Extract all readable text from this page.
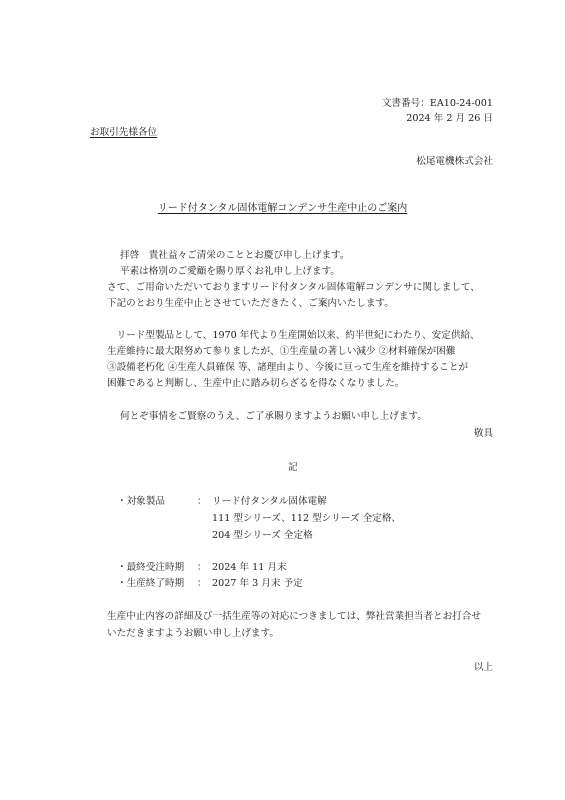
文書番号：EA10-24-001

2024 年 2 月 26 日

お取引先様各位

松尾電機株式会社

リード付タンタル固体電解コンデンサ生産中止のご案内

拝啓　貴社益々ご清栄のこととお慶び申し上げます。

平素は格別のご愛顧を賜り厚くお礼申し上げます。

さて、ご用命いただいておりますリード付タンタル固体電解コンデンサに関しまして、

下記のとおり生産中止とさせていただきたく、ご案内いたします。

　リード型製品として、1970 年代より生産開始以来、約半世紀にわたり、安定供給、

生産維持に最大限努めて参りましたが、①生産量の著しい減少 ②材料確保が困難

③設備老朽化 ④生産人員確保 等、諸理由より、今後に亘って生産を維持することが

困難であると判断し、生産中止に踏み切らざるを得なくなりました。

何とぞ事情をご賢察のうえ、ご了承賜りますようお願い申し上げます。

敬具

記

・対象製品	： リード付タンタル固体電解

111 型シリーズ、112 型シリーズ 全定格、

204 型シリーズ 全定格

・最終受注時期 ： 2024 年 11 月末

・生産終了時期 ： 2027 年 3 月末 予定

生産中止内容の詳細及び一括生産等の対応につきましては、弊社営業担当者とお打合せ

いただきますようお願い申し上げます。

以上
